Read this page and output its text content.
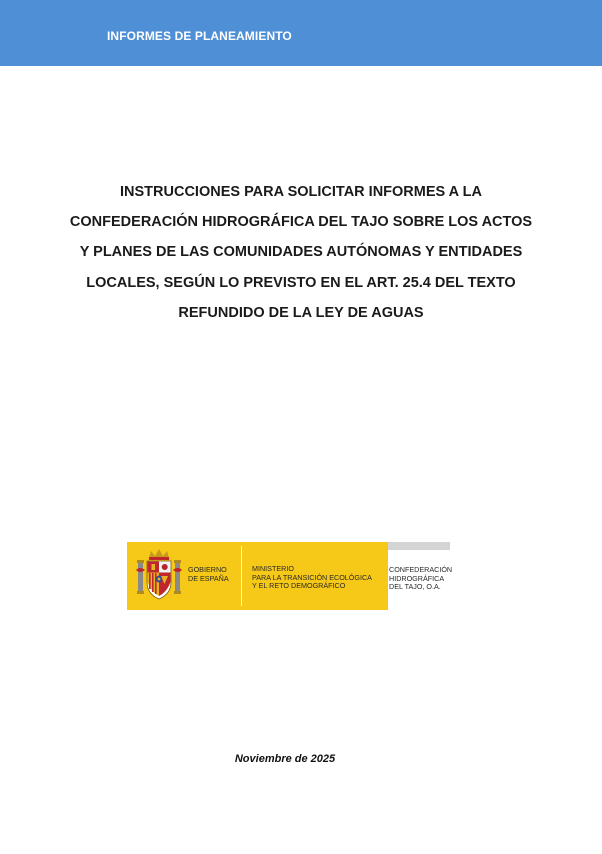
INFORMES DE PLANEAMIENTO
INSTRUCCIONES PARA SOLICITAR INFORMES A LA
CONFEDERACIÓN HIDROGRÁFICA DEL TAJO SOBRE LOS ACTOS
Y PLANES DE LAS COMUNIDADES AUTÓNOMAS Y ENTIDADES
LOCALES, SEGÚN LO PREVISTO EN EL ART. 25.4 DEL TEXTO
REFUNDIDO DE LA LEY DE AGUAS
GOBIERNO
DE ESPAÑA
MINISTERIO
PARA LA TRANSICIÓN ECOLÓGICA
Y EL RETO DEMOGRÁFICO
CONFEDERACIÓN
HIDROGRÁFICA
DEL TAJO, O.A.
Noviembre de 2025
